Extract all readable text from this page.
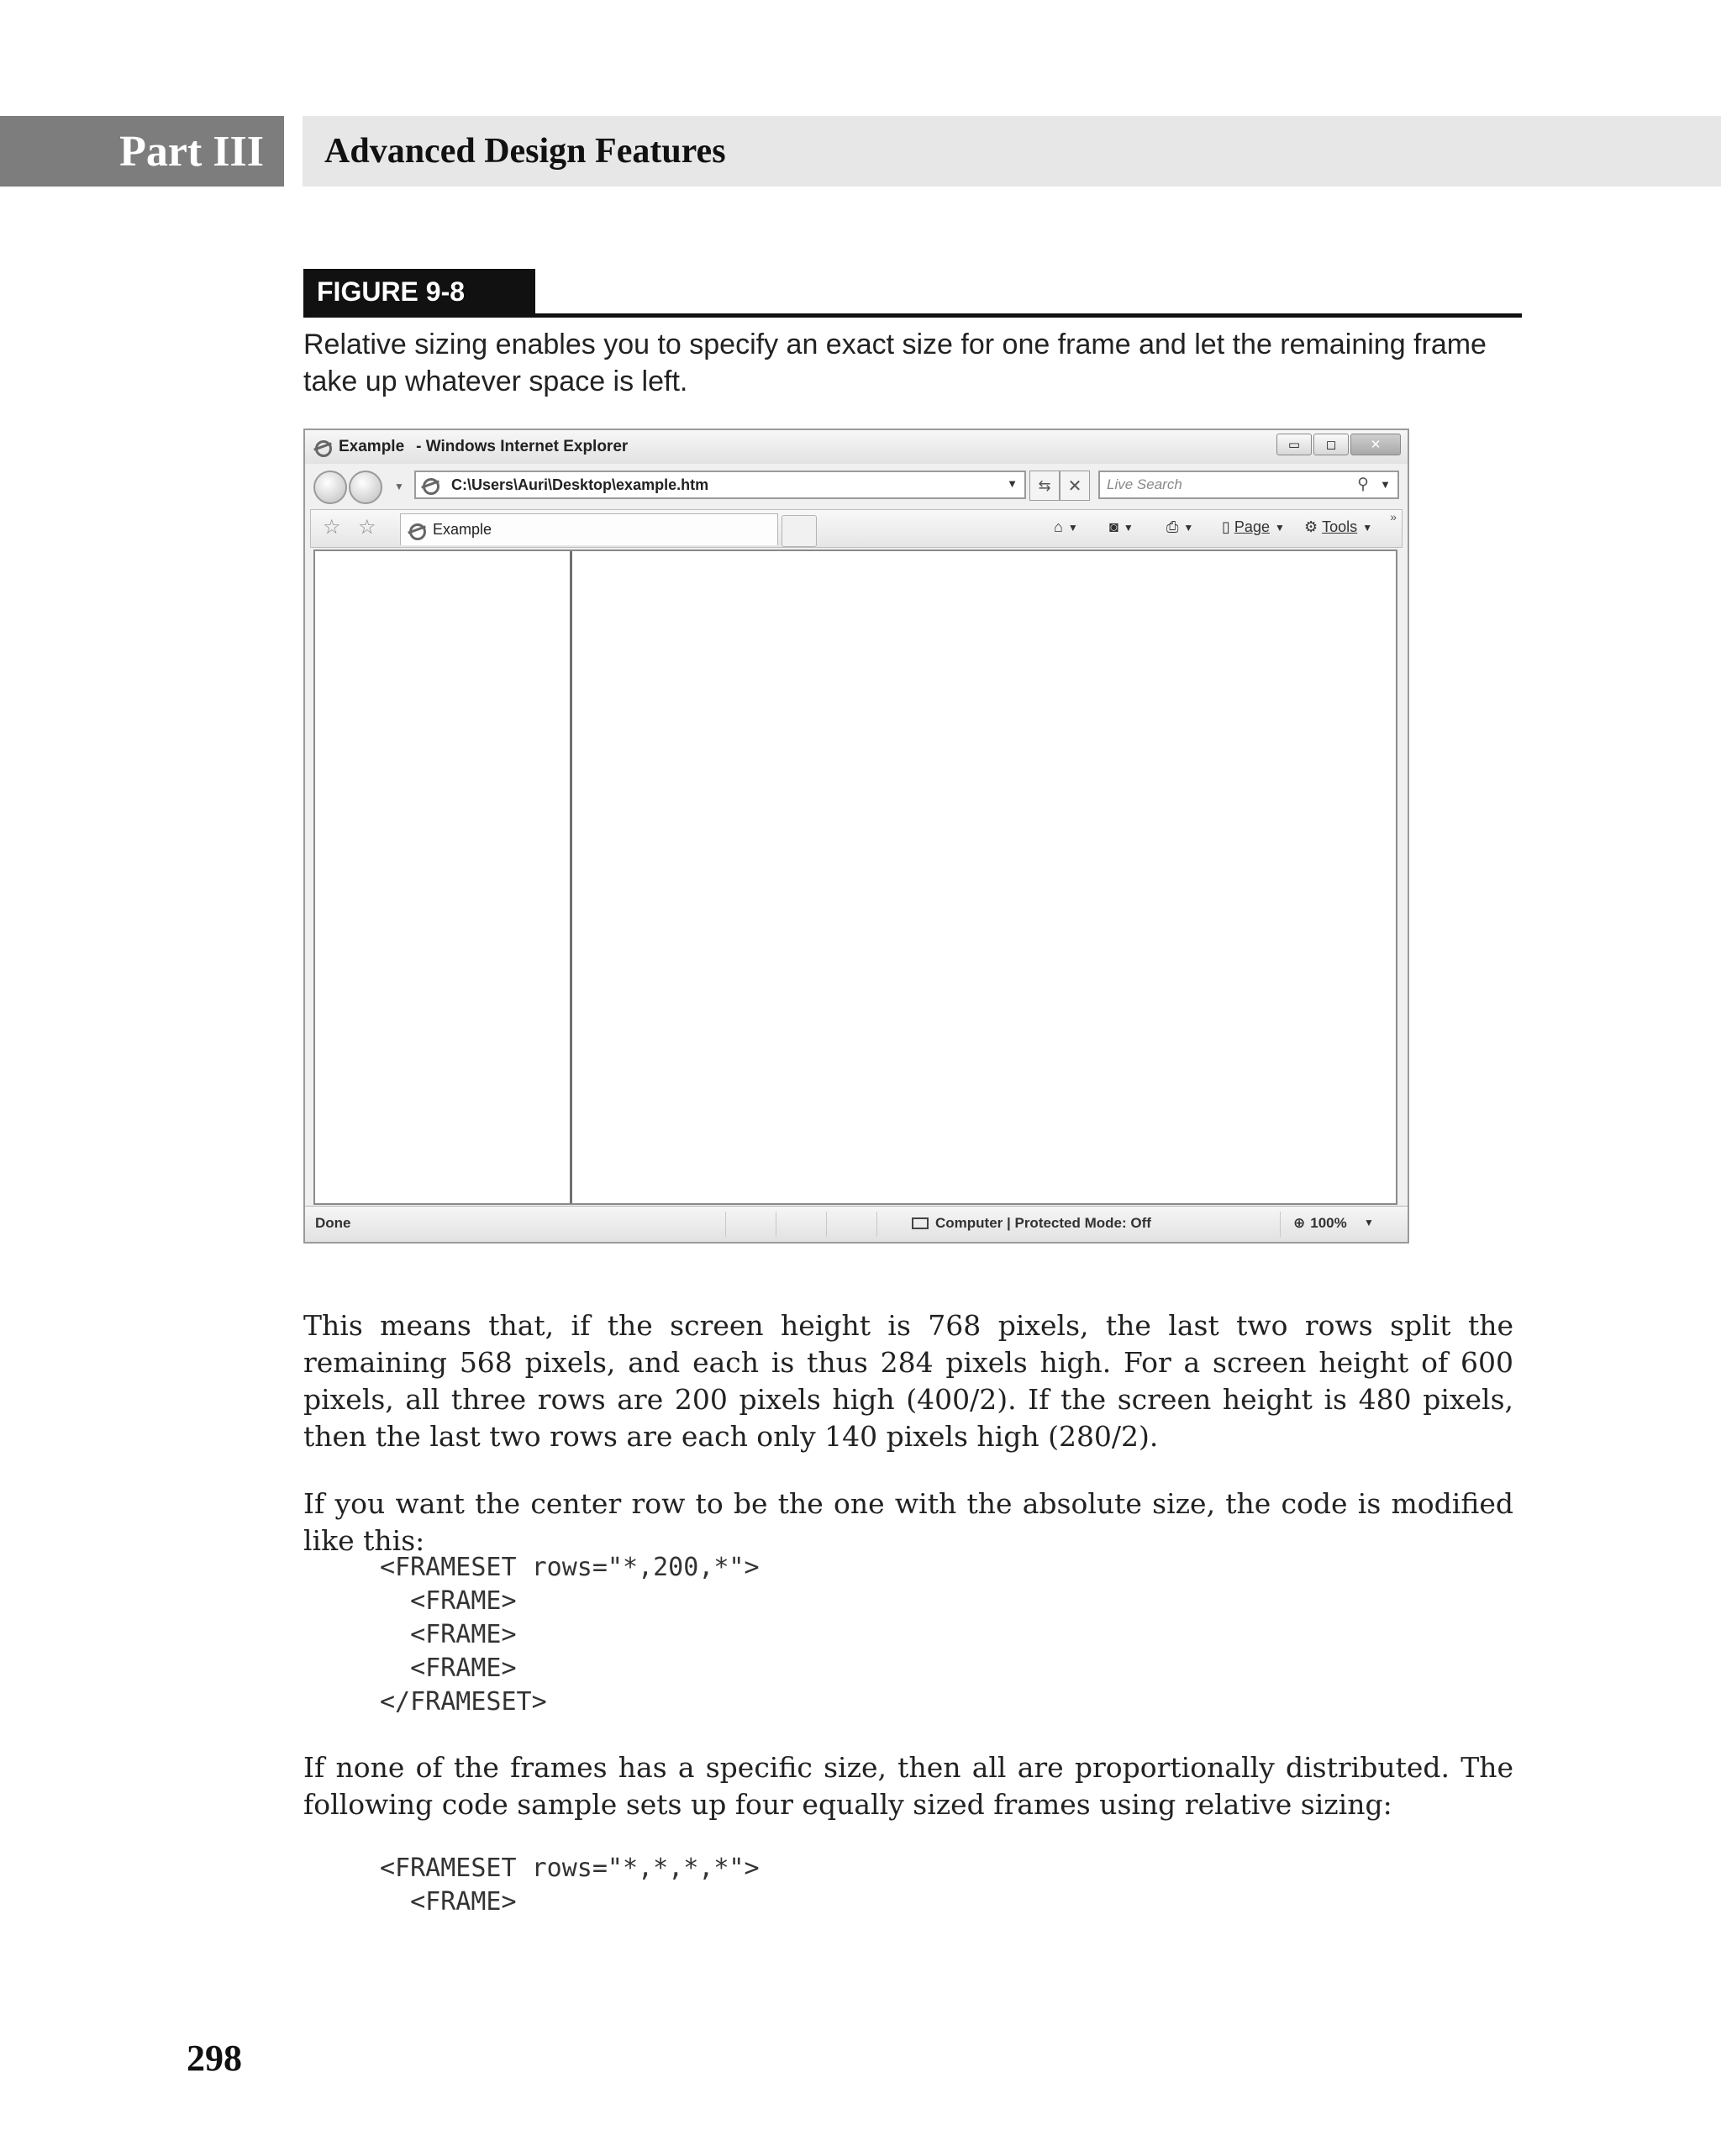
Part III Advanced Design Features
FIGURE 9-8
Relative sizing enables you to specify an exact size for one frame and let the remaining frame take up whatever space is left.
Example - Windows Internet Explorer	▭	◻	✕
▼	C:\Users\Auri\Desktop\example.htm	▼	⇆	✕	Live Search	⚲ ▼
☆ ☆	Example	⌂ ▼ ◙ ▼ ⎙ ▼ ▯
Page ▼ ⚙
Tools ▼
»
Done	Computer | Protected Mode: Off	⊕ 100% ▼
This means that, if the screen height is 768 pixels, the last two rows split the remaining 568 pixels, and each is thus 284 pixels high. For a screen height of 600 pixels, all three rows are 200 pixels high (400/2). If the screen height is 480 pixels, then the last two rows are each only 140 pixels high (280/2).
If you want the center row to be the one with the absolute size, the code is modified like this:
<FRAMESET rows="*,200,*">
<FRAME>
<FRAME>
<FRAME>
</FRAMESET>
If none of the frames has a specific size, then all are proportionally distributed. The following code sample sets up four equally sized frames using relative sizing:
<FRAMESET rows="*,*,*,*">
<FRAME>
298
